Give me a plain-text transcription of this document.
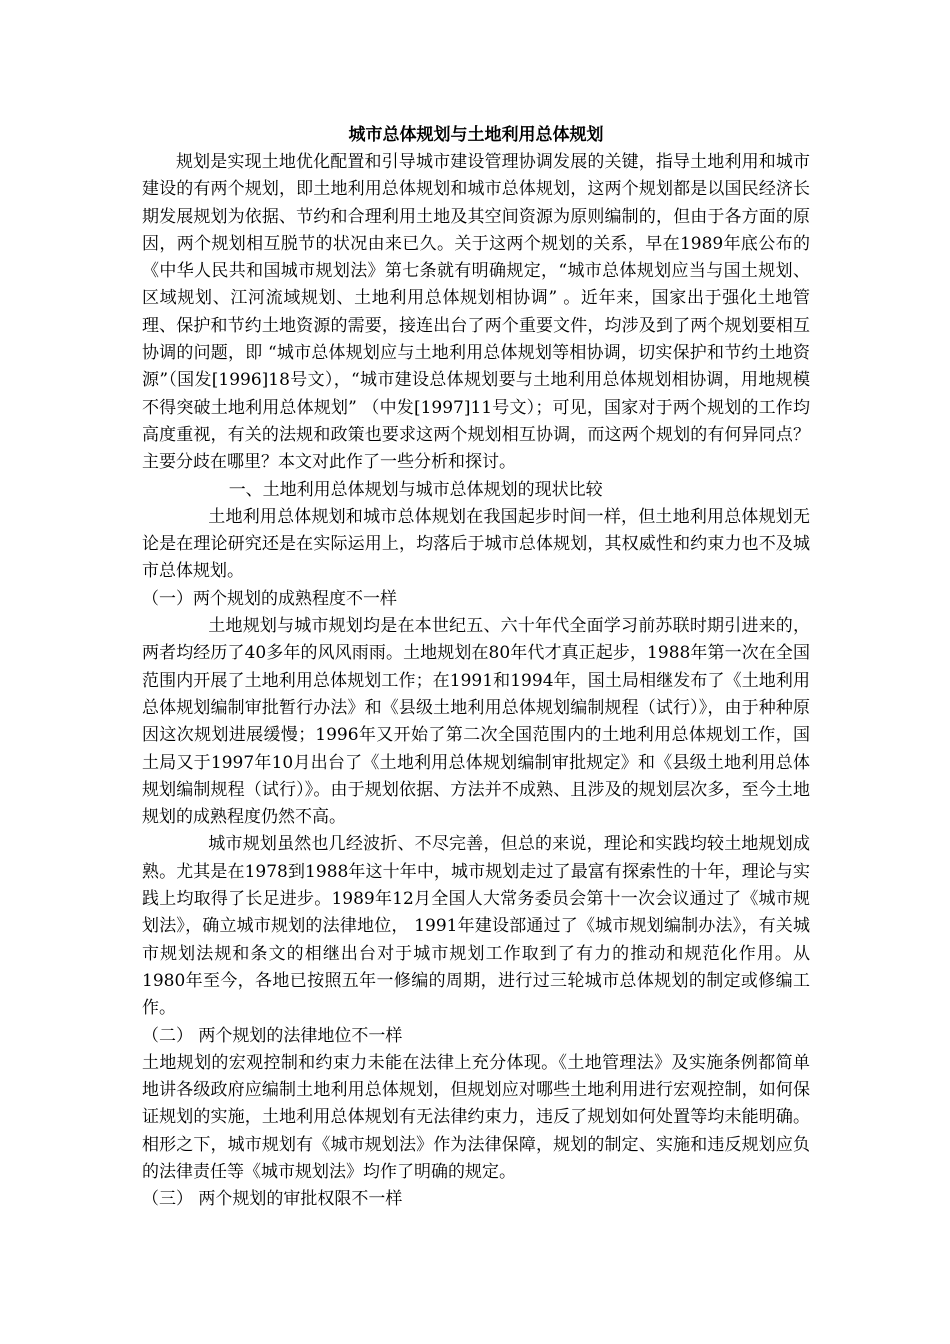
城市总体规划与土地利用总体规划

规划是实现土地优化配置和引导城市建设管理协调发展的关键，指导土地利用和城市建设的有两个规划，即土地利用总体规划和城市总体规划，这两个规划都是以国民经济长期发展规划为依据、节约和合理利用土地及其空间资源为原则编制的，但由于各方面的原因，两个规划相互脱节的状况由来已久。关于这两个规划的关系，早在1989年底公布的《中华人民共和国城市规划法》第七条就有明确规定，“城市总体规划应当与国土规划、区域规划、江河流域规划、土地利用总体规划相协调” 。近年来，国家出于强化土地管理、保护和节约土地资源的需要，接连出台了两个重要文件，均涉及到了两个规划要相互协调的问题，即 “城市总体规划应与土地利用总体规划等相协调，切实保护和节约土地资源”（国发[1996]18号文），“城市建设总体规划要与土地利用总体规划相协调，用地规模不得突破土地利用总体规划” （中发[1997]11号文）；可见，国家对于两个规划的工作均高度重视，有关的法规和政策也要求这两个规划相互协调，而这两个规划的有何异同点？主要分歧在哪里？本文对此作了一些分析和探讨。

一、土地利用总体规划与城市总体规划的现状比较

土地利用总体规划和城市总体规划在我国起步时间一样，但土地利用总体规划无论是在理论研究还是在实际运用上，均落后于城市总体规划，其权威性和约束力也不及城市总体规划。

（一）两个规划的成熟程度不一样

土地规划与城市规划均是在本世纪五、六十年代全面学习前苏联时期引进来的，两者均经历了40多年的风风雨雨。土地规划在80年代才真正起步，1988年第一次在全国范围内开展了土地利用总体规划工作；在1991和1994年，国土局相继发布了《土地利用总体规划编制审批暂行办法》和《县级土地利用总体规划编制规程（试行）》，由于种种原因这次规划进展缓慢；1996年又开始了第二次全国范围内的土地利用总体规划工作，国土局又于1997年10月出台了《土地利用总体规划编制审批规定》和《县级土地利用总体规划编制规程（试行）》。由于规划依据、方法并不成熟、且涉及的规划层次多，至今土地规划的成熟程度仍然不高。

城市规划虽然也几经波折、不尽完善，但总的来说，理论和实践均较土地规划成熟。尤其是在1978到1988年这十年中，城市规划走过了最富有探索性的十年，理论与实践上均取得了长足进步。1989年12月全国人大常务委员会第十一次会议通过了《城市规划法》，确立城市规划的法律地位， 1991年建设部通过了《城市规划编制办法》，有关城市规划法规和条文的相继出台对于城市规划工作取到了有力的推动和规范化作用。从1980年至今，各地已按照五年一修编的周期，进行过三轮城市总体规划的制定或修编工作。

（二） 两个规划的法律地位不一样

土地规划的宏观控制和约束力未能在法律上充分体现。《土地管理法》及实施条例都简单地讲各级政府应编制土地利用总体规划，但规划应对哪些土地利用进行宏观控制，如何保证规划的实施，土地利用总体规划有无法律约束力，违反了规划如何处置等均未能明确。相形之下，城市规划有《城市规划法》作为法律保障，规划的制定、实施和违反规划应负的法律责任等《城市规划法》均作了明确的规定。

（三） 两个规划的审批权限不一样
